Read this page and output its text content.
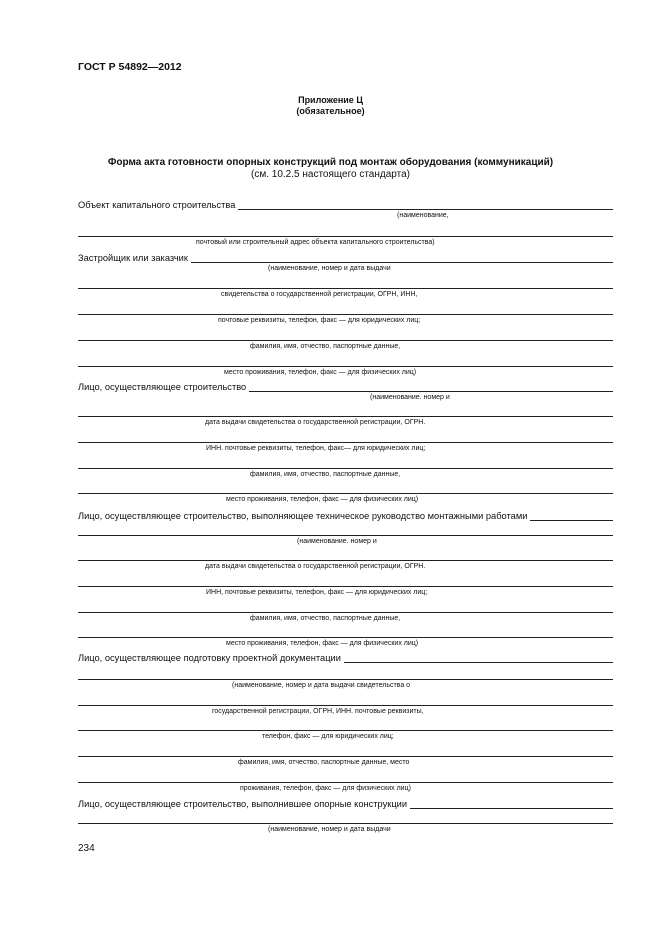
ГОСТ Р 54892—2012
Приложение Ц
(обязательное)
Форма акта готовности опорных конструкций под монтаж оборудования (коммуникаций)
(см. 10.2.5 настоящего стандарта)
Объект капитального строительства
(наименование,
почтовый или строительный адрес объекта капитального строительства)
Застройщик или заказчик
(наименование, номер и дата выдачи
свидетельства о государственной регистрации, ОГРН, ИНН,
почтовые реквизиты, телефон, факс — для юридических лиц;
фамилия, имя, отчество, паспортные данные,
место проживания, телефон, факс — для физических лиц)
Лицо, осуществляющее строительство
(наименование. номер и
дата выдачи свидетельства о государственной регистрации, ОГРН.
ИНН. почтовые реквизиты, телефон, факс— для юридических лиц;
фамилия, имя, отчество, паспортные данные,
место проживания, телефон, факс — для физических лиц)
Лицо, осуществляющее строительство, выполняющее техническое руководство монтажными работами
(наименование. номер и
дата выдачи свидетельства о государственной регистрации, ОГРН.
ИНН, почтовые реквизиты, телефон, факс — для юридических лиц;
фамилия, имя, отчество, паспортные данные,
место проживания, телефон, факс — для физических лиц)
Лицо, осуществляющее подготовку проектной документации
(наименование, номер и дата выдачи свидетельства о
государственной регистрации, ОГРН, ИНН. почтовые реквизиты,
телефон, факс — для юридических лиц;
фамилия, имя, отчество, паспортные данные, место
проживания, телефон, факс — для физических лиц)
Лицо, осуществляющее строительство, выполнившее опорные конструкции
(наименование, номер и дата выдачи
234
